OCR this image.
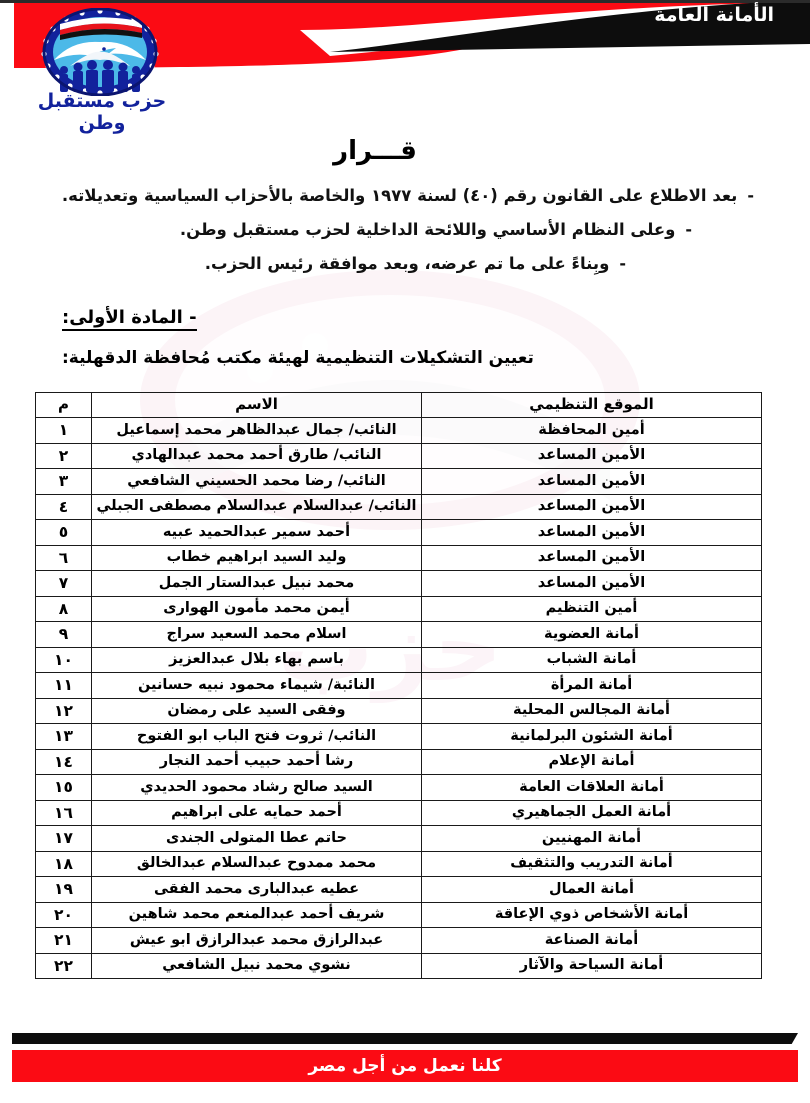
الأمانة العامة
حزب مستقبل وطن
قـــرار
-
بعد الاطلاع على القانون رقم (٤٠) لسنة ١٩٧٧ والخاصة بالأحزاب السياسية وتعديلاته.
-
وعلى النظام الأساسي واللائحة الداخلية لحزب مستقبل وطن.
-
وبِناءً على ما تم عرضه، وبعد موافقة رئيس الحزب.
- المادة الأولى:
تعيين التشكيلات التنظيمية لهيئة مكتب مُحافظة الدقهلية:
الموقع التنظيمي	الاسم	م
أمين المحافظة	النائب/ جمال عبدالظاهر محمد إسماعيل	١
الأمين المساعد	النائب/ طارق أحمد محمد عبدالهادي	٢
الأمين المساعد	النائب/ رضا محمد الحسيني الشافعي	٣
الأمين المساعد	النائب/ عبدالسلام عبدالسلام مصطفى الجبلي	٤
الأمين المساعد	أحمد سمير عبدالحميد عبيه	٥
الأمين المساعد	وليد السيد ابراهيم خطاب	٦
الأمين المساعد	محمد نبيل عبدالستار الجمل	٧
أمين التنظيم	أيمن محمد مأمون الهوارى	٨
أمانة العضوية	اسلام محمد السعيد سراج	٩
أمانة الشباب	باسم بهاء بلال عبدالعزيز	١٠
أمانة المرأة	النائبة/ شيماء محمود نبيه حسانين	١١
أمانة المجالس المحلية	وفقى السيد على رمضان	١٢
أمانة الشئون البرلمانية	النائب/ ثروت فتح الباب ابو الفتوح	١٣
أمانة الإعلام	رشا أحمد حبيب أحمد النجار	١٤
أمانة العلاقات العامة	السيد صالح رشاد محمود الحديدي	١٥
أمانة العمل الجماهيري	أحمد حمايه على ابراهيم	١٦
أمانة المهنيين	حاتم عطا المتولى الجندى	١٧
أمانة التدريب والتثقيف	محمد ممدوح عبدالسلام عبدالخالق	١٨
أمانة العمال	عطيه عبدالبارى محمد الفقى	١٩
أمانة الأشخاص ذوي الإعاقة	شريف أحمد عبدالمنعم محمد شاهين	٢٠
أمانة الصناعة	عبدالرازق محمد عبدالرازق ابو عيش	٢١
أمانة السياحة والآثار	نشوي محمد نبيل الشافعي	٢٢
كلنا نعمل من أجل مصر
